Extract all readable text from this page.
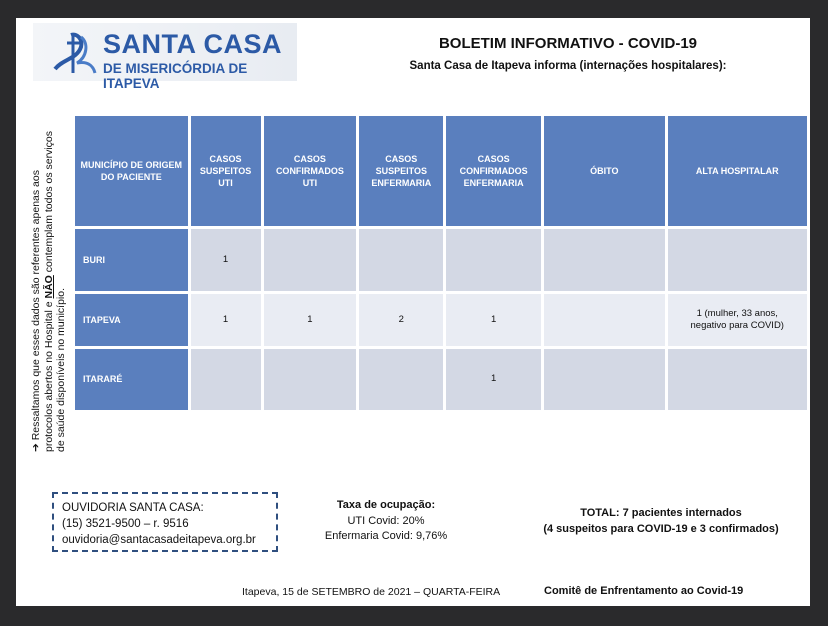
SANTA CASA
DE MISERICÓRDIA DE ITAPEVA
BOLETIM INFORMATIVO - COVID-19
Santa Casa de Itapeva informa (internações hospitalares):
➔ Ressaltamos que esses dados são referentes apenas aos protocolos abertos no Hospital e NÃO contemplam todos os serviços de saúde disponíveis no município.
MUNICÍPIO DE ORIGEM DO PACIENTE	CASOS SUSPEITOS UTI	CASOS CONFIRMADOS UTI	CASOS SUSPEITOS ENFERMARIA	CASOS CONFIRMADOS ENFERMARIA	ÓBITO	ALTA HOSPITALAR
BURI	1					
ITAPEVA	1	1	2	1		1 (mulher, 33 anos, negativo para COVID)
ITARARÉ				1		
OUVIDORIA SANTA CASA:
(15) 3521-9500 – r. 9516
ouvidoria@santacasadeitapeva.org.br
Taxa de ocupação:
UTI Covid: 20%
Enfermaria Covid: 9,76%
TOTAL: 7 pacientes internados
(4 suspeitos para COVID-19 e 3 confirmados)
Itapeva, 15 de SETEMBRO de 2021 – QUARTA-FEIRA	Comitê de Enfrentamento ao Covid-19
